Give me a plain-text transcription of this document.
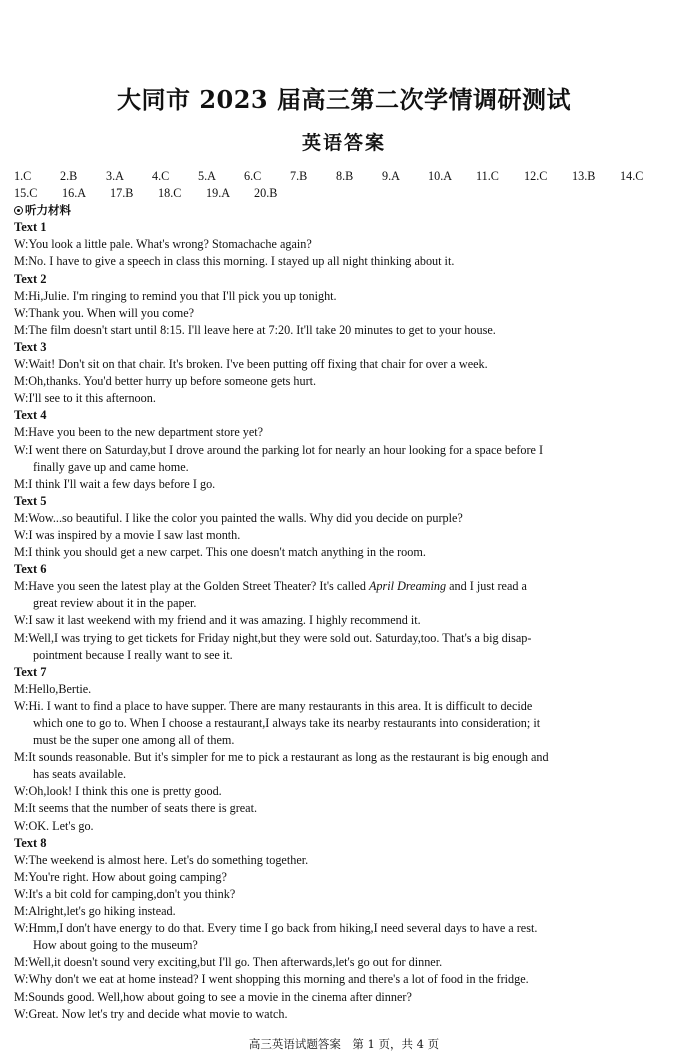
大同市 2023 届高三第二次学情调研测试
英语答案
1.C	2.B	3.A	4.C	5.A	6.C	7.B	8.B	9.A	10.A	11.C	12.C	13.B	14.C
15.C	16.A	17.B	18.C	19.A	20.B
听力材料
Text 1
W: You look a little pale. What's wrong? Stomachache again?
M: No. I have to give a speech in class this morning. I stayed up all night thinking about it.
Text 2
M: Hi,Julie. I'm ringing to remind you that I'll pick you up tonight.
W: Thank you. When will you come?
M: The film doesn't start until 8:15. I'll leave here at 7:20. It'll take 20 minutes to get to your house.
Text 3
W: Wait! Don't sit on that chair. It's broken. I've been putting off fixing that chair for over a week.
M: Oh,thanks. You'd better hurry up before someone gets hurt.
W: I'll see to it this afternoon.
Text 4
M: Have you been to the new department store yet?
W: I went there on Saturday,but I drove around the parking lot for nearly an hour looking for a space before I
finally gave up and came home.
M: I think I'll wait a few days before I go.
Text 5
M: Wow...so beautiful. I like the color you painted the walls. Why did you decide on purple?
W: I was inspired by a movie I saw last month.
M: I think you should get a new carpet. This one doesn't match anything in the room.
Text 6
M: Have you seen the latest play at the Golden Street Theater? It's called April Dreaming and I just read a
great review about it in the paper.
W: I saw it last weekend with my friend and it was amazing. I highly recommend it.
M: Well,I was trying to get tickets for Friday night,but they were sold out. Saturday,too. That's a big disap-
pointment because I really want to see it.
Text 7
M: Hello,Bertie.
W: Hi. I want to find a place to have supper. There are many restaurants in this area. It is difficult to decide
which one to go to. When I choose a restaurant,I always take its nearby restaurants into consideration; it
must be the super one among all of them.
M: It sounds reasonable. But it's simpler for me to pick a restaurant as long as the restaurant is big enough and
has seats available.
W: Oh,look! I think this one is pretty good.
M: It seems that the number of seats there is great.
W: OK. Let's go.
Text 8
W: The weekend is almost here. Let's do something together.
M: You're right. How about going camping?
W: It's a bit cold for camping,don't you think?
M: Alright,let's go hiking instead.
W: Hmm,I don't have energy to do that. Every time I go back from hiking,I need several days to have a rest.
How about going to the museum?
M: Well,it doesn't sound very exciting,but I'll go. Then afterwards,let's go out for dinner.
W: Why don't we eat at home instead? I went shopping this morning and there's a lot of food in the fridge.
M: Sounds good. Well,how about going to see a movie in the cinema after dinner?
W: Great. Now let's try and decide what movie to watch.
高三英语试题答案　第 1 页，共 4 页
